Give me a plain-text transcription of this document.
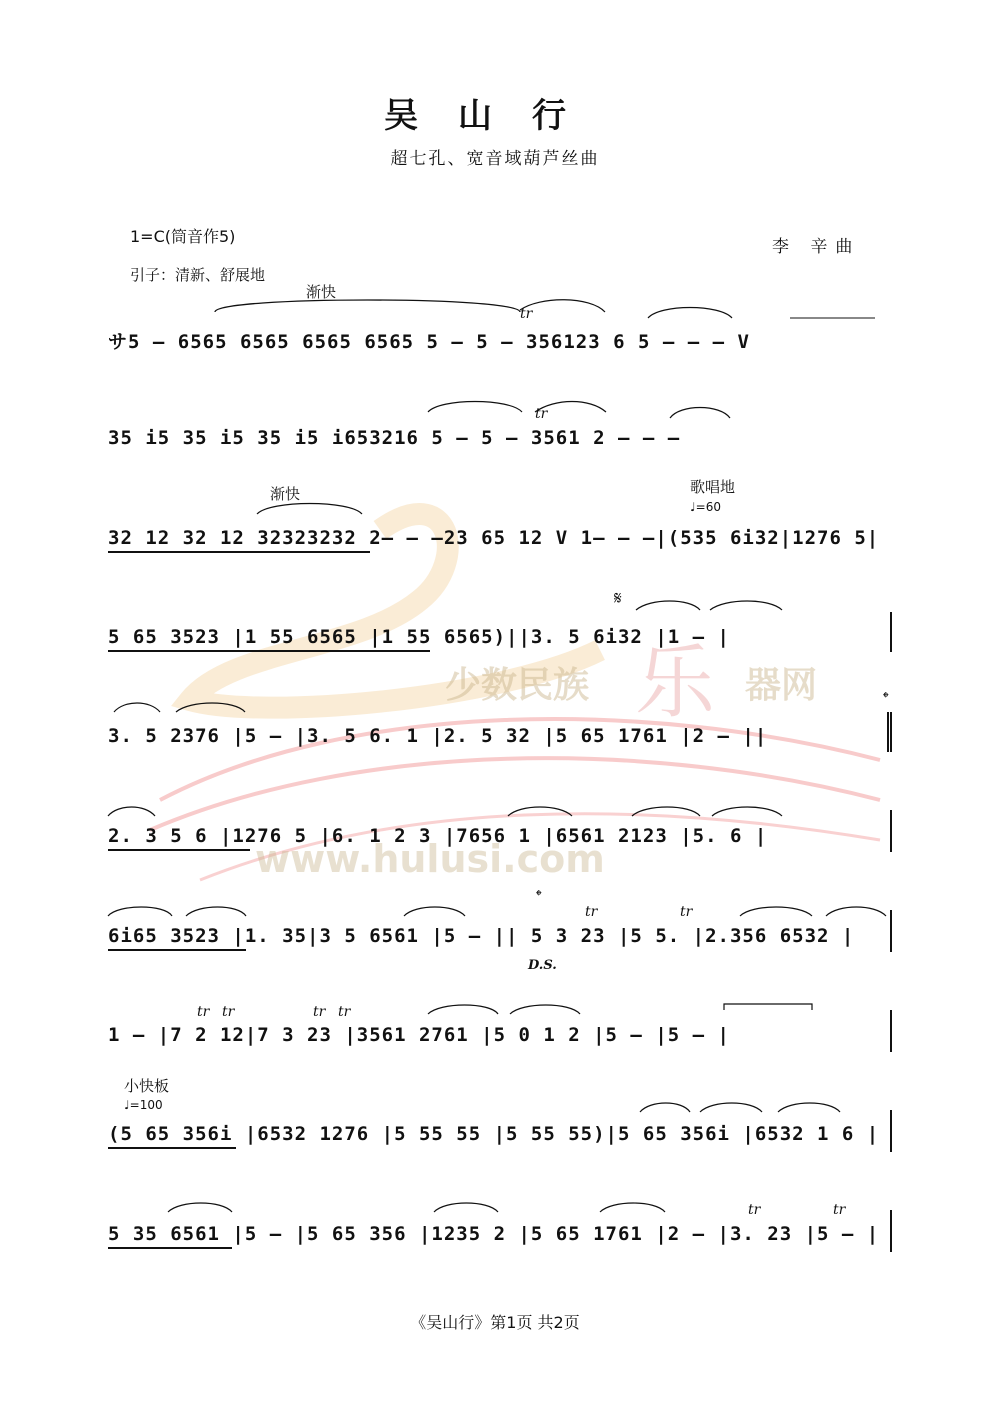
少数民族 乐 器网
www.hulusi.com
吴山行
超七孔、宽音域葫芦丝曲
1=C(筒音作5)
李 辛曲
引子：清新、舒展地
渐快
渐快	歌唱地
♩=60
小快板
♩=100
D.S.
𝄋
𝄌
𝄌
tr
tr
tr	tr
tr tr	tr tr
tr	tr
サ5 – 6565 6565 6565 6565 5 – 5 – 356123 6 5 – – – V
35 i5 35 i5 35 i5 i653216 5 – 5 – 3561 2 – – –
32 12 32 12 32323232 2– – –23 65 12 V 1– – –|(535 6i32|1276 5|
5 65 3523 |1 55 6565 |1 55 6565)||3. 5 6i32 |1 – |
3. 5 2376 |5 – |3. 5 6. 1 |2. 5 32 |5 65 1761 |2 – ||
2. 3 5 6 |1276 5 |6. 1 2 3 |7656 1 |6561 2123 |5. 6 |
6i65 3523 |1. 35|3 5 6561 |5 – || 5 3 23 |5 5. |2.356 6532 |
1 – |7 2 12|7 3 23 |3561 2761 |5 0 1 2 |5 – |5 – |
(5 65 356i |6532 1276 |5 55 55 |5 55 55)|5 65 356i |6532 1 6 |
5 35 6561 |5 – |5 65 356 |1235 2 |5 65 1761 |2 – |3. 23 |5 – |
《吴山行》第1页 共2页
